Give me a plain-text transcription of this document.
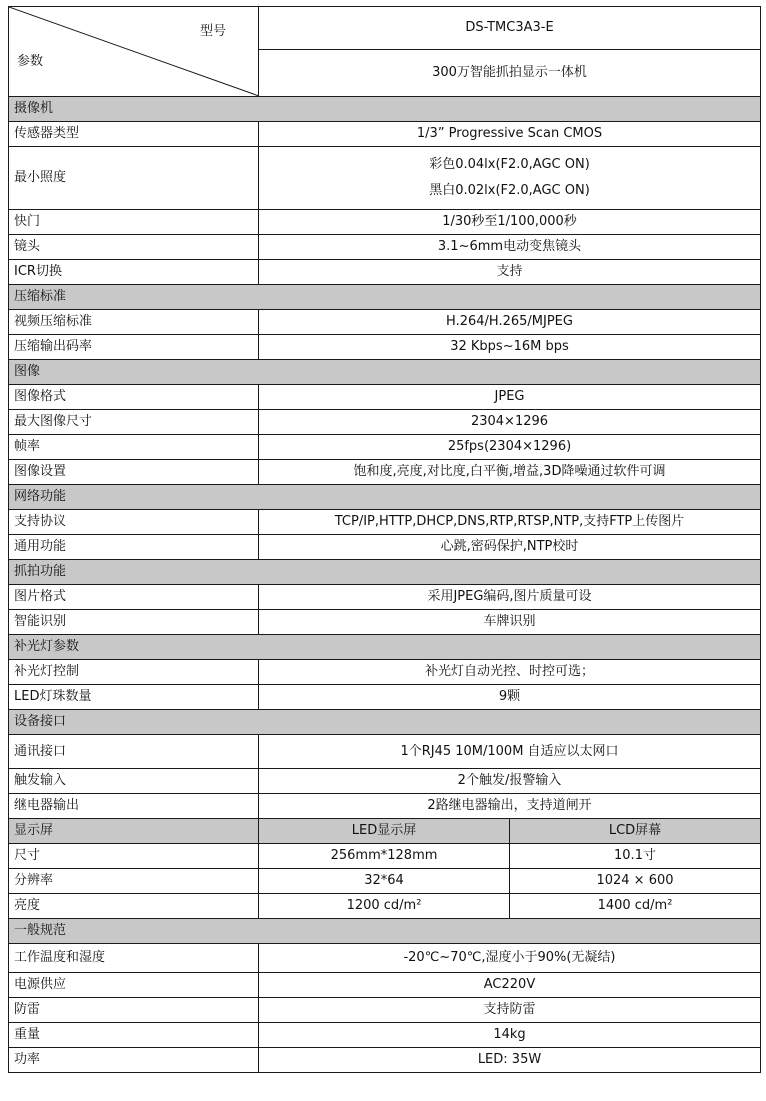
型号
参数	DS-TMC3A3-E	
	300万智能抓拍显示一体机	
摄像机		
传感器类型	1/3” Progressive Scan CMOS	
最小照度	彩色0.04lx(F2.0,AGC ON)
黑白0.02lx(F2.0,AGC ON)	

快门	1/30秒至1/100,000秒	
镜头	3.1~6mm电动变焦镜头	
ICR切换	支持	
压缩标准		
视频压缩标准	H.264/H.265/MJPEG	
压缩输出码率	32 Kbps~16M bps	
图像		
图像格式	JPEG	
最大图像尺寸	2304×1296	
帧率	25fps(2304×1296)	
图像设置	饱和度,亮度,对比度,白平衡,增益,3D降噪通过软件可调	
网络功能		
支持协议	TCP/IP,HTTP,DHCP,DNS,RTP,RTSP,NTP,支持FTP上传图片	
通用功能	心跳,密码保护,NTP校时	
抓拍功能		
图片格式	采用JPEG编码,图片质量可设	
智能识别	车牌识别	
补光灯参数		
补光灯控制	补光灯自动光控、时控可选；	
LED灯珠数量	9颗	
设备接口		
通讯接口	1个RJ45 10M/100M 自适应以太网口	
触发输入	2个触发/报警输入	
继电器输出	2路继电器输出，支持道闸开	
显示屏	LED显示屏	LCD屏幕
尺寸	256mm*128mm	10.1寸
分辨率	32*64	1024 × 600
亮度	1200 cd/m²	1400 cd/m²
一般规范		
工作温度和湿度	-20℃~70℃,湿度小于90%(无凝结)	
电源供应	AC220V	
防雷	支持防雷	
重量	14kg	
功率	LED: 35W	
